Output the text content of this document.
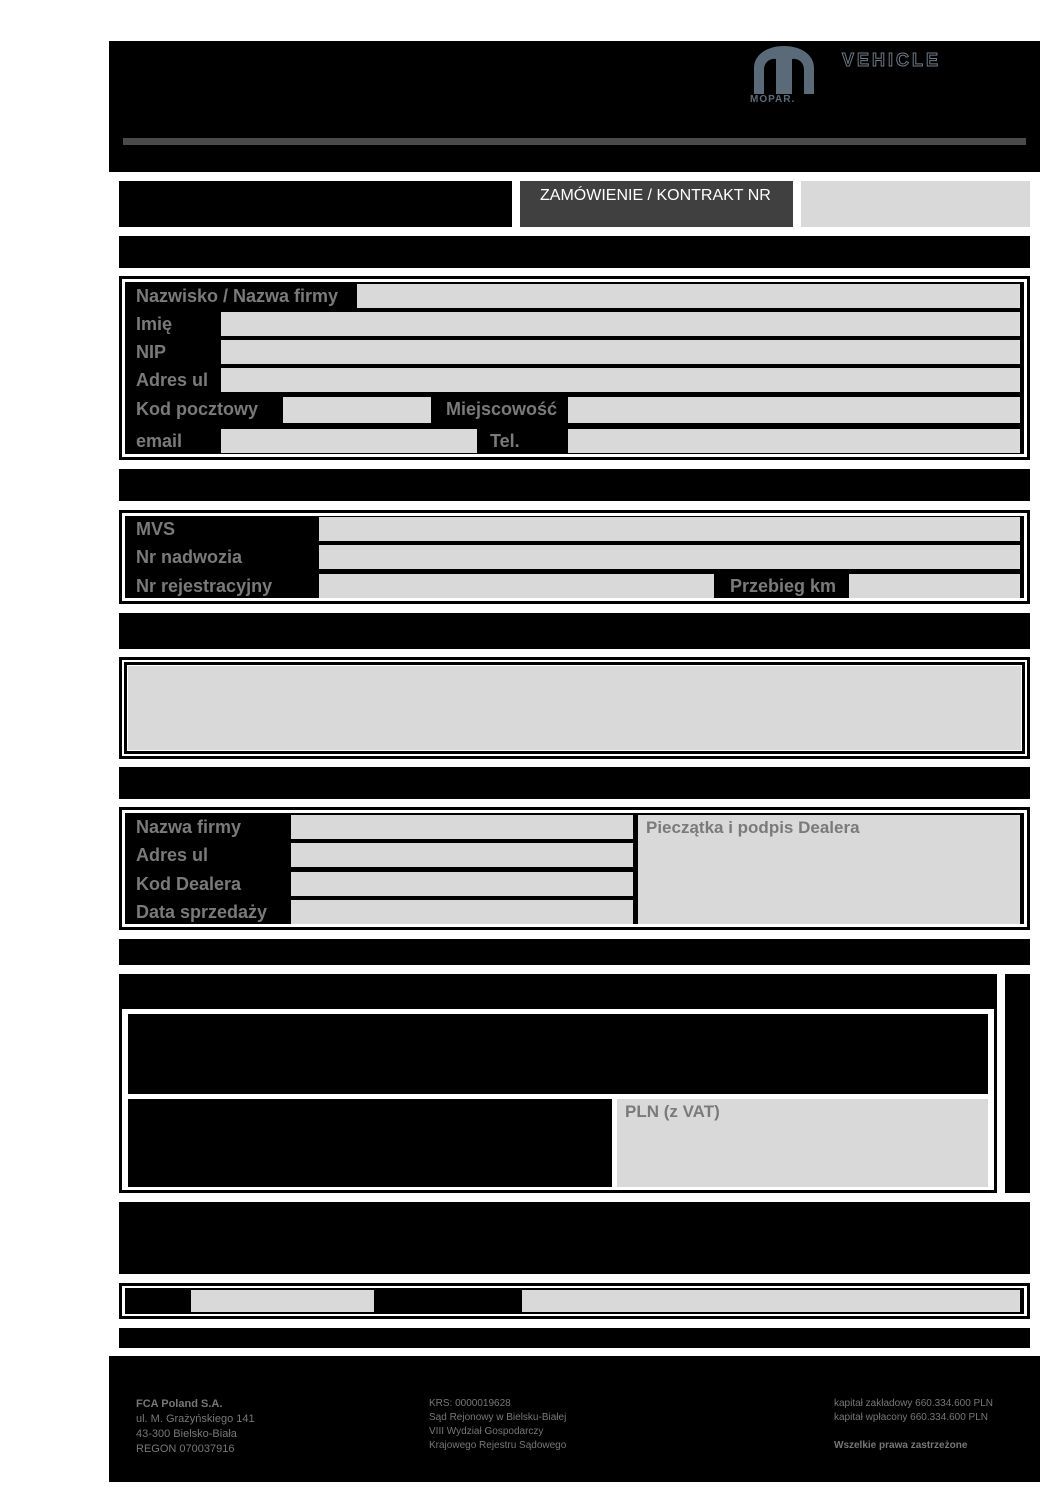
MOPAR.
VEHICLE
ZAMÓWIENIE / KONTRAKT NR
Nazwisko / Nazwa firmy
Imię
NIP
Adres ul
Kod pocztowy	Miejscowość
email	Tel.
MVS
Nr nadwozia
Nr rejestracyjny	Przebieg km
Nazwa firmy
Adres ul
Kod Dealera
Data sprzedaży
Pieczątka i podpis Dealera
PLN (z VAT)
FCA Poland S.A.
ul. M. Grażyńskiego 141
43-300 Bielsko-Biała
REGON 070037916
KRS: 0000019628
Sąd Rejonowy w Bielsku-Białej
VIII Wydział Gospodarczy
Krajowego Rejestru Sądowego
kapitał zakładowy 660.334.600 PLN
kapitał wpłacony 660.334.600 PLN
Wszelkie prawa zastrzeżone
